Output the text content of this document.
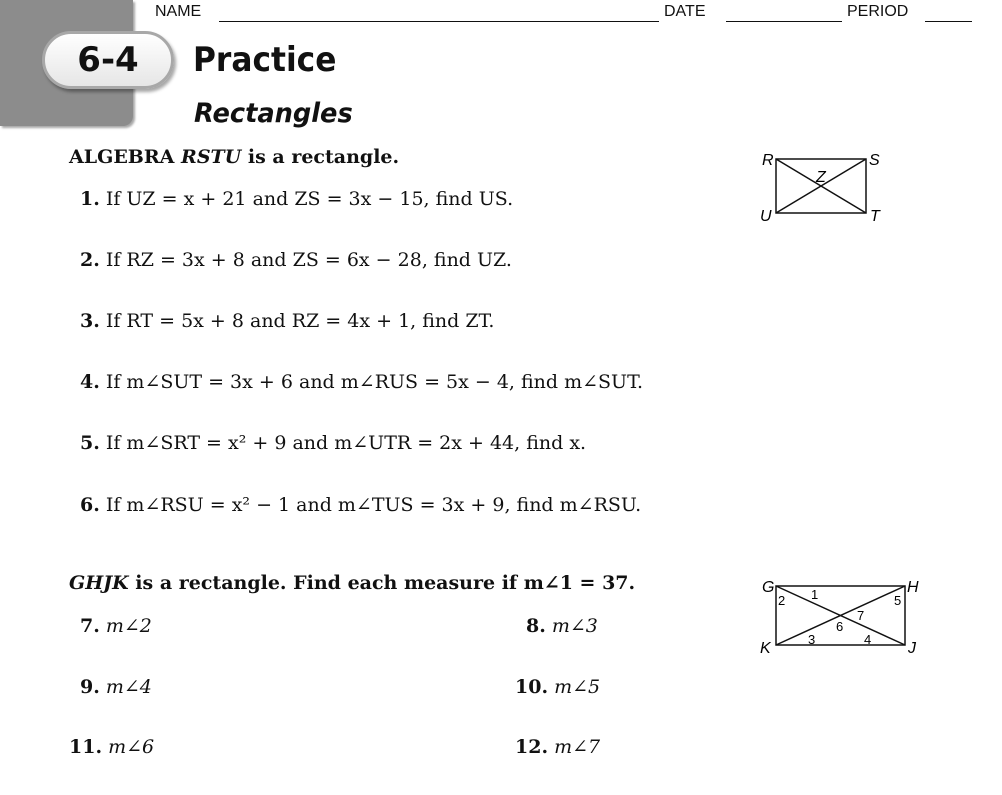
6-4
NAME	DATE	PERIOD
Practice
Rectangles
ALGEBRA RSTU is a rectangle.
1. If UZ = x + 21 and ZS = 3x − 15, find US.
2. If RZ = 3x + 8 and ZS = 6x − 28, find UZ.
3. If RT = 5x + 8 and RZ = 4x + 1, find ZT.
4. If m∠SUT = 3x + 6 and m∠RUS = 5x − 4, find m∠SUT.
5. If m∠SRT = x² + 9 and m∠UTR = 2x + 44, find x.
6. If m∠RSU = x² − 1 and m∠TUS = 3x + 9, find m∠RSU.
R	S
Z
U	T
GHJK is a rectangle. Find each measure if m∠1 = 37.
7. m∠2	8. m∠3
9. m∠4	10. m∠5
11. m∠6	12. m∠7
G	H
K	J
1
2
3	4
5
6
7
